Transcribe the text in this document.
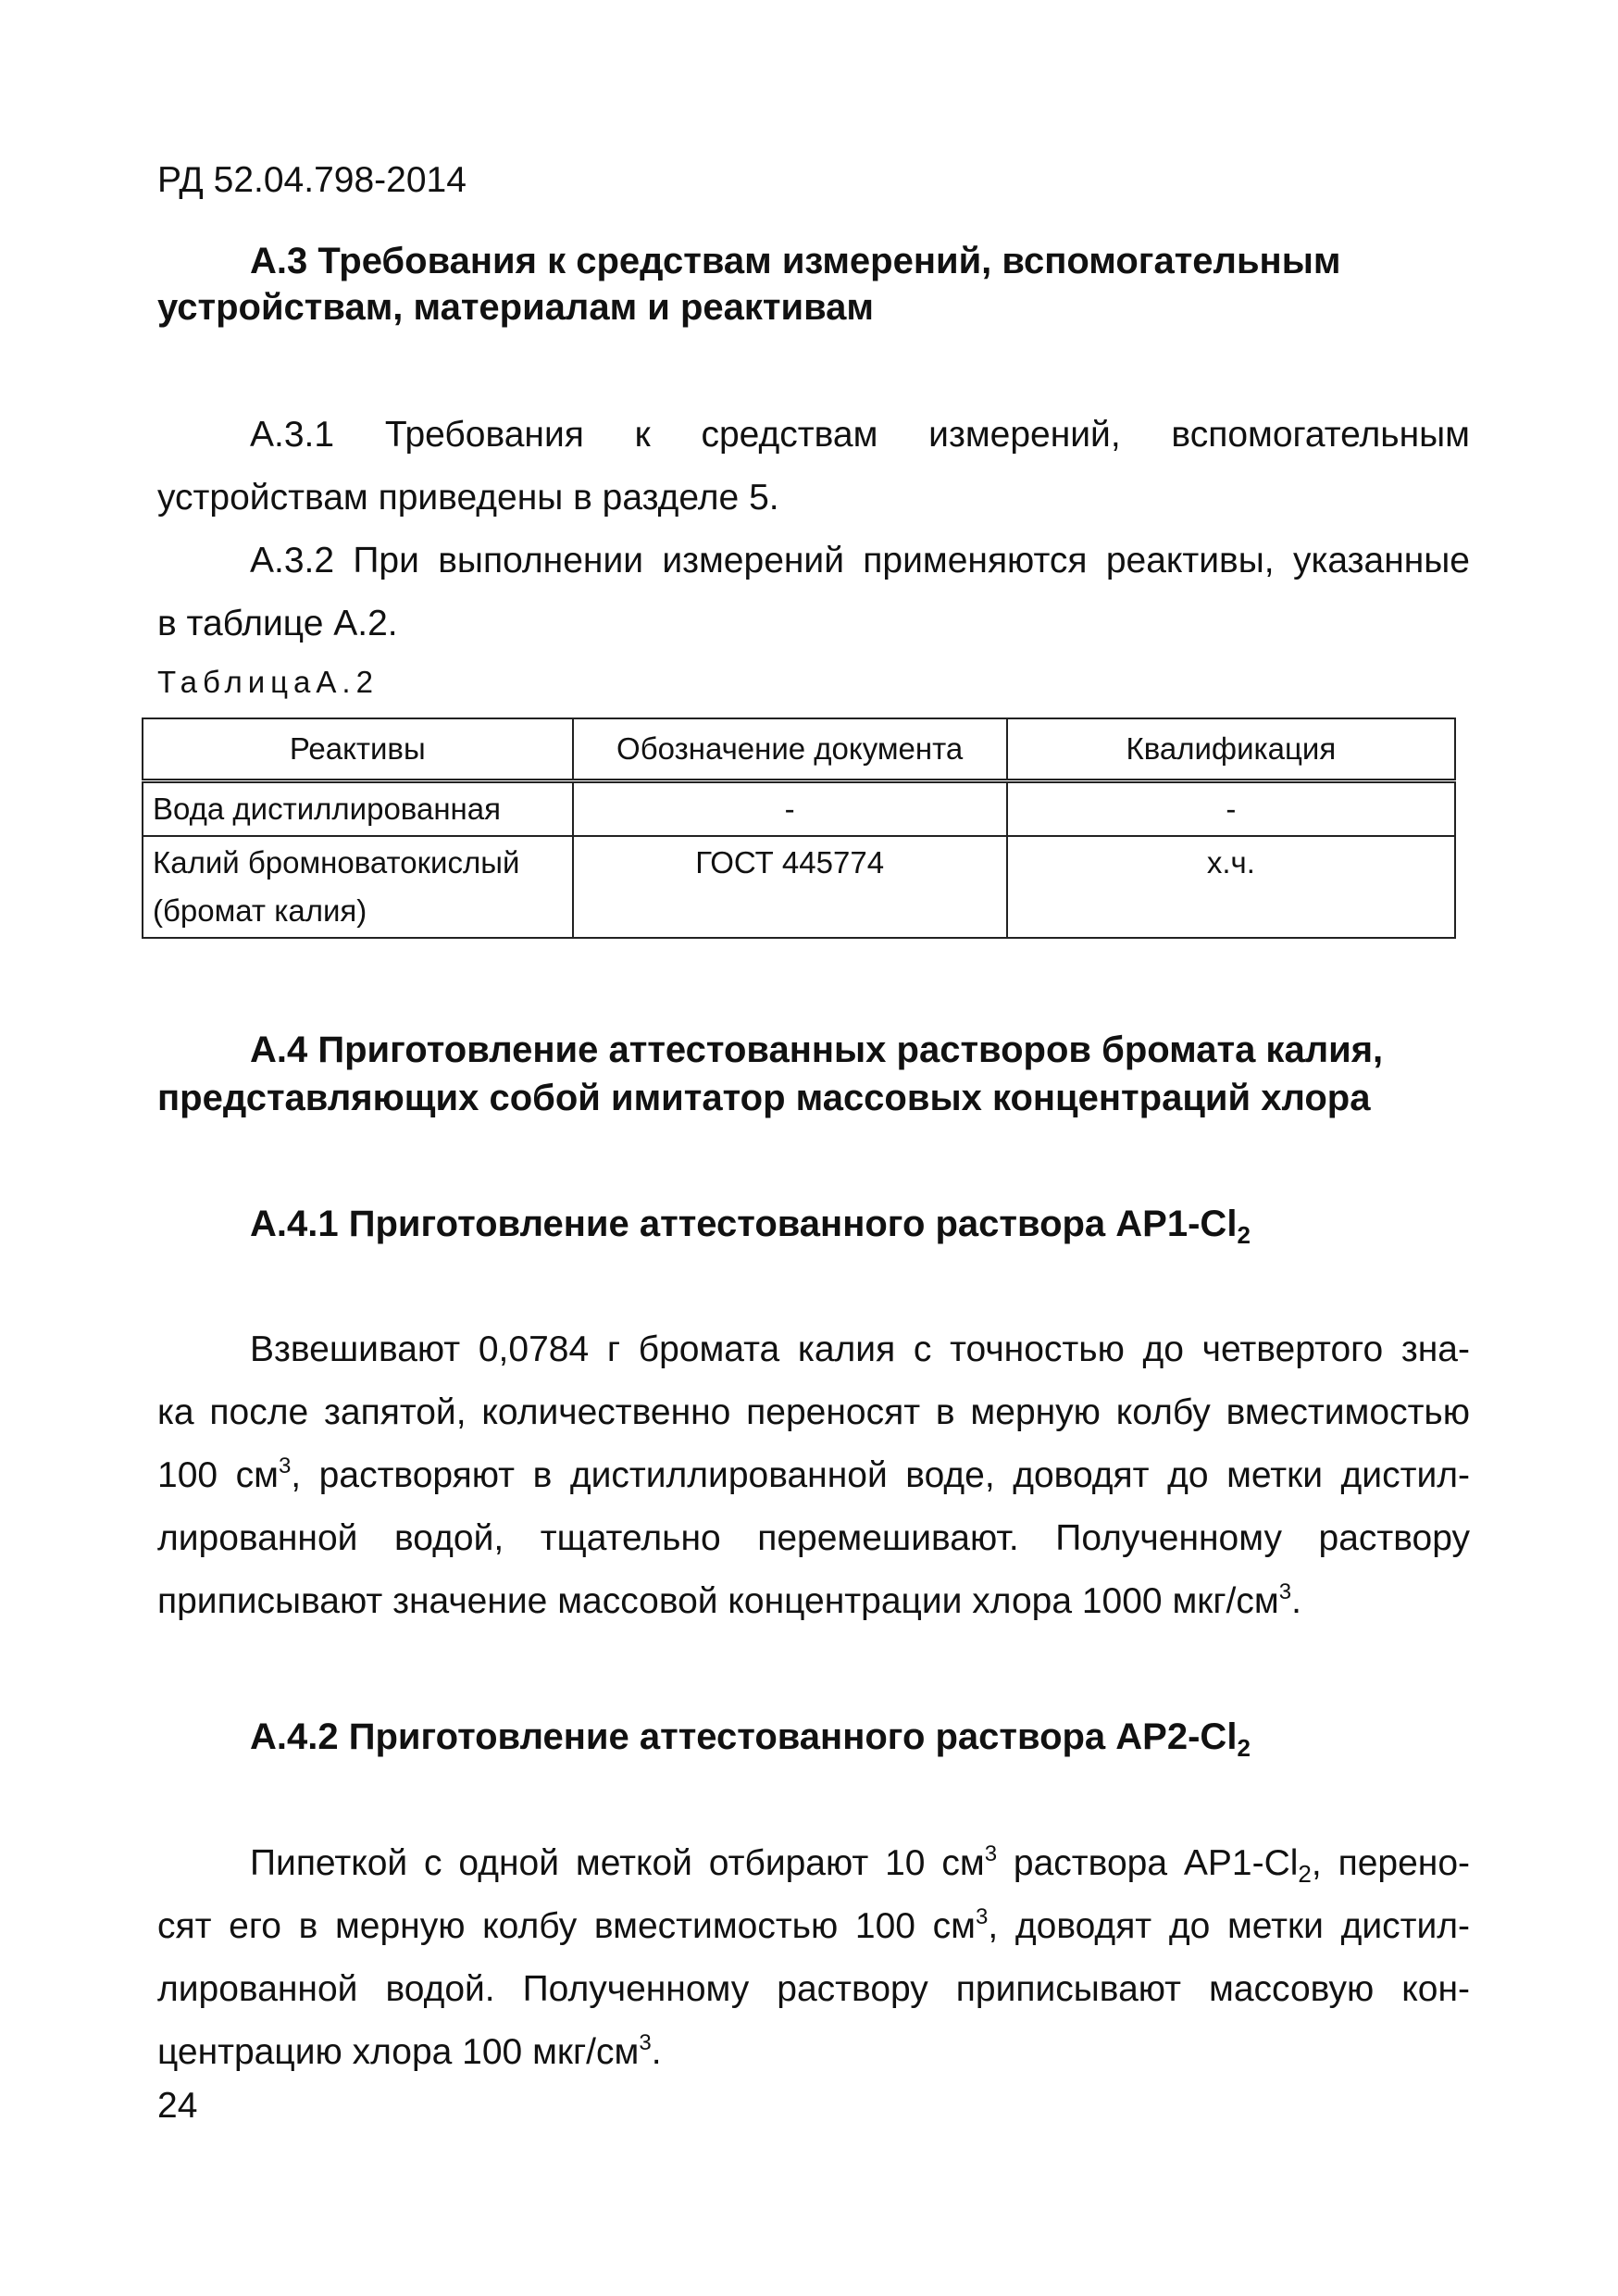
РД 52.04.798-2014
А.3 Требования к средствам измерений, вспомогательным
устройствам, материалам и реактивам
А.3.1 Требования к средствам измерений, вспомогательным
устройствам приведены в разделе 5.
А.3.2 При выполнении измерений применяются реактивы, указанные
в таблице А.2.
ТаблицаА.2
Реактивы	Обозначение документа	Квалификация

Вода дистиллированная	-	-

Калий бромноватокислый
(бромат калия)	ГОСТ 445774	х.ч.
А.4 Приготовление аттестованных растворов бромата калия,
представляющих собой имитатор массовых концентраций хлора
А.4.1 Приготовление аттестованного раствора $АР1-Cl_2$
Взвешивают 0,0784 г бромата калия с точностью до четвертого зна-
ка после запятой, количественно переносят в мерную колбу вместимостью
100 $см^3$, растворяют в дистиллированной воде, доводят до метки дистил-
лированной водой, тщательно перемешивают. Полученному раствору
приписывают значение массовой концентрации хлора 1000 мкг/$см^3$.
А.4.2 Приготовление аттестованного раствора $АР2-Cl_2$
Пипеткой с одной меткой отбирают 10 $см^3$ раствора $АР1-Cl_2$, перено-
сят его в мерную колбу вместимостью 100 $см^3$, доводят до метки дистил-
лированной водой. Полученному раствору приписывают массовую кон-
центрацию хлора 100 мкг/$см^3$.
24
